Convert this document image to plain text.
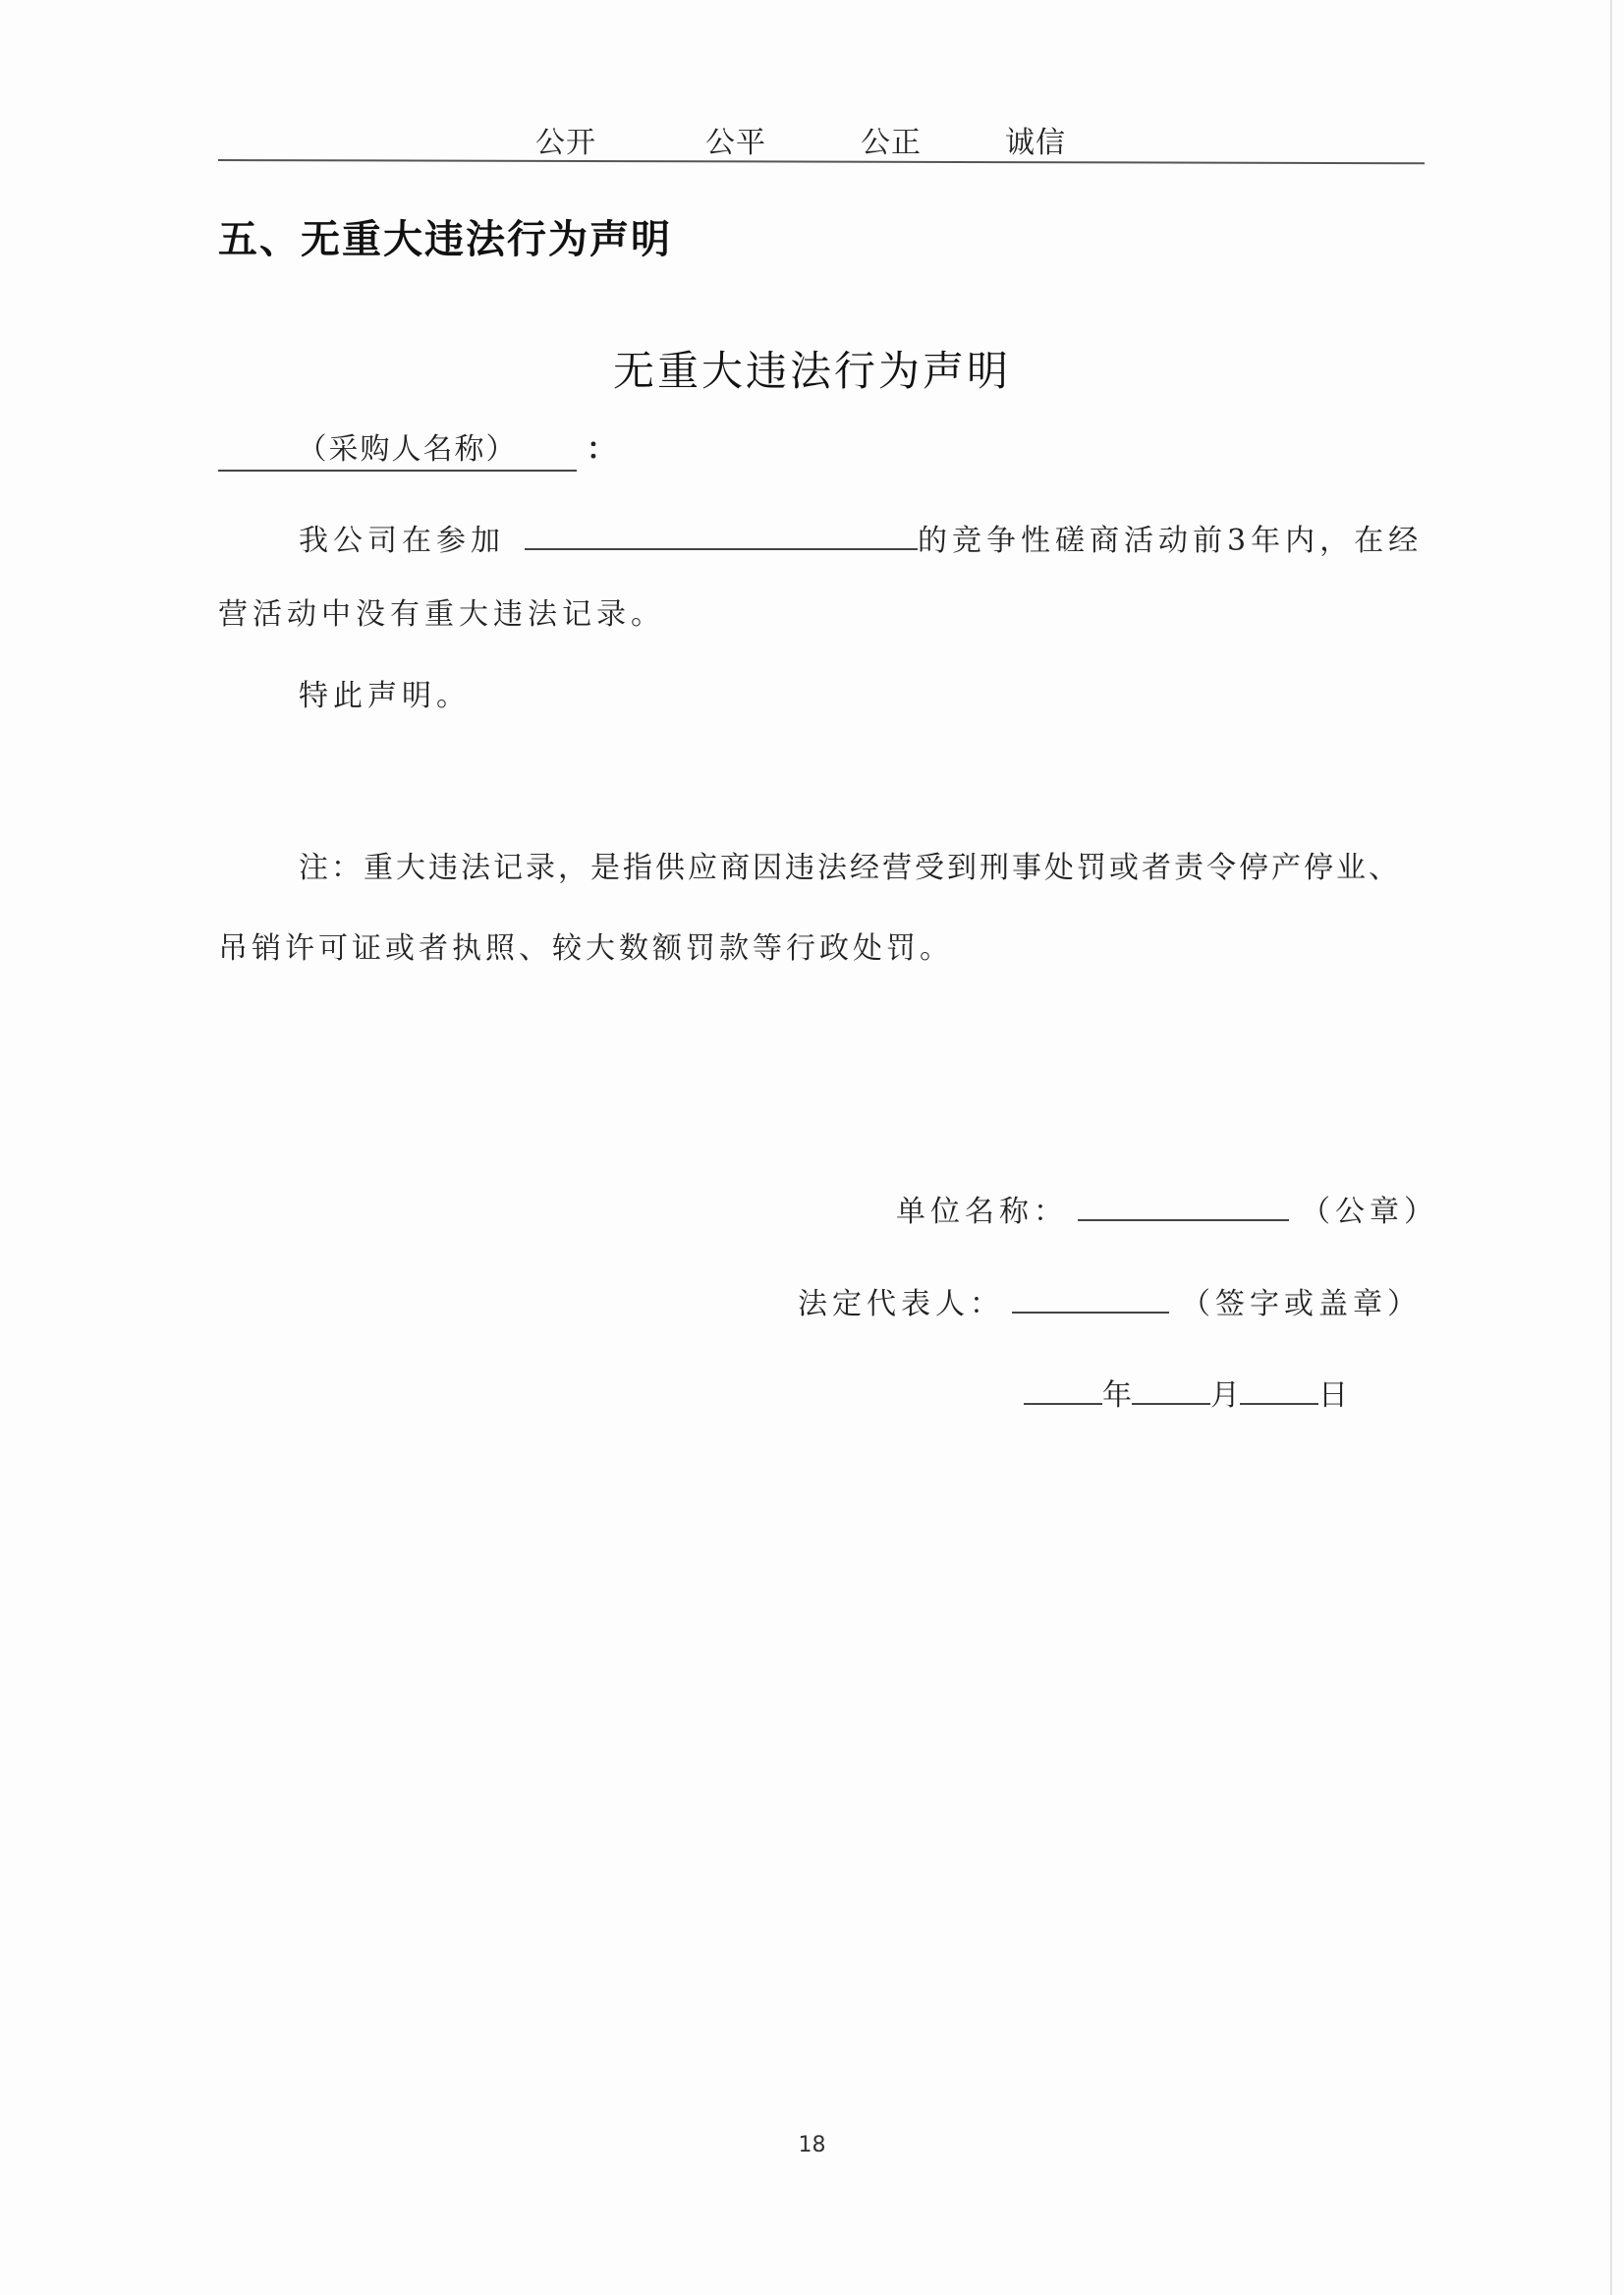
公开	公平	公正	诚信
五、无重大违法行为声明
无重大违法行为声明
（采购人名称） ：
我公司在参加	的竞争性磋商活动前3年内，在经
营活动中没有重大违法记录。
特此声明。
注：重大违法记录，是指供应商因违法经营受到刑事处罚或者责令停产停业、
吊销许可证或者执照、较大数额罚款等行政处罚。
单位名称：	（公章）
法定代表人：	（签字或盖章）
年	月	日
18
